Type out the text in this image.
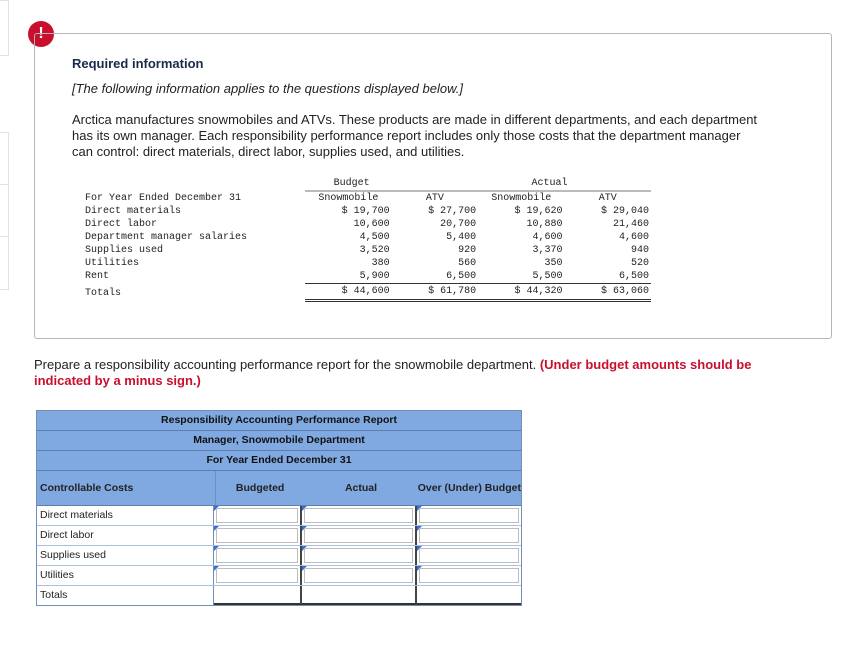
!
Required information
[The following information applies to the questions displayed below.]
Arctica manufactures snowmobiles and ATVs. These products are made in different departments, and each department has its own manager. Each responsibility performance report includes only those costs that the department manager can control: direct materials, direct labor, supplies used, and utilities.
	Budget		Actual	
For Year Ended December 31	Snowmobile	ATV	Snowmobile	ATV
Direct materials	$ 19,700	$ 27,700	$ 19,620	$ 29,040
Direct labor	10,600	20,700	10,880	21,460
Department manager salaries	4,500	5,400	4,600	4,600
Supplies used	3,520	920	3,370	940
Utilities	380	560	350	520
Rent	5,900	6,500	5,500	6,500
Totals	$ 44,600	$ 61,780	$ 44,320	$ 63,060
Prepare a responsibility accounting performance report for the snowmobile department. (Under budget amounts should be indicated by a minus sign.)
Responsibility Accounting Performance Report
Manager, Snowmobile Department
For Year Ended December 31
Controllable Costs	Budgeted	Actual	Over (Under) Budget
Direct materials
Direct labor
Supplies used
Utilities
Totals
